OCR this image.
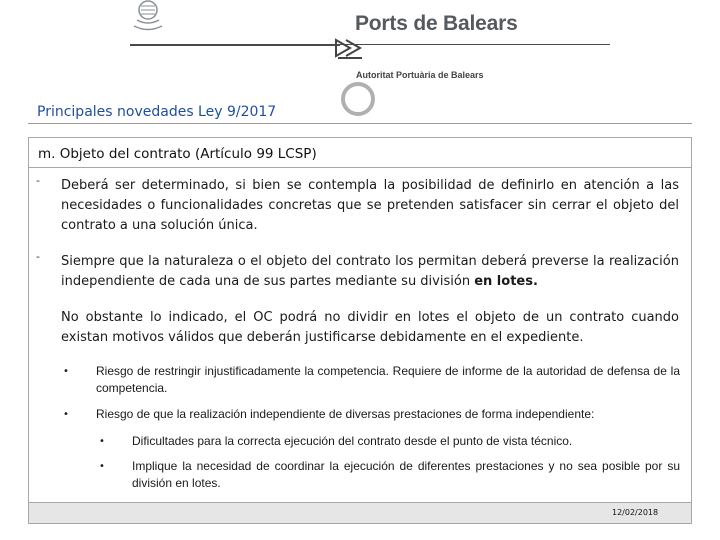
Ports de Balears
Autoritat Portuària de Balears
Principales novedades Ley 9/2017
m. Objeto del contrato (Artículo 99 LCSP)
- Deberá ser determinado, si bien se contempla la posibilidad de definirlo en atención a las necesidades o funcionalidades concretas que se pretenden satisfacer sin cerrar el objeto del contrato a una solución única.
- Siempre que la naturaleza o el objeto del contrato los permitan deberá preverse la realización independiente de cada una de sus partes mediante su división en lotes.
No obstante lo indicado, el OC podrá no dividir en lotes el objeto de un contrato cuando existan motivos válidos que deberán justificarse debidamente en el expediente.
• Riesgo de restringir injustificadamente la competencia. Requiere de informe de la autoridad de defensa de la competencia.
• Riesgo de que la realización independiente de diversas prestaciones de forma independiente:
• Dificultades para la correcta ejecución del contrato desde el punto de vista técnico.
• Implique la necesidad de coordinar la ejecución de diferentes prestaciones y no sea posible por su división en lotes.
12/02/2018
